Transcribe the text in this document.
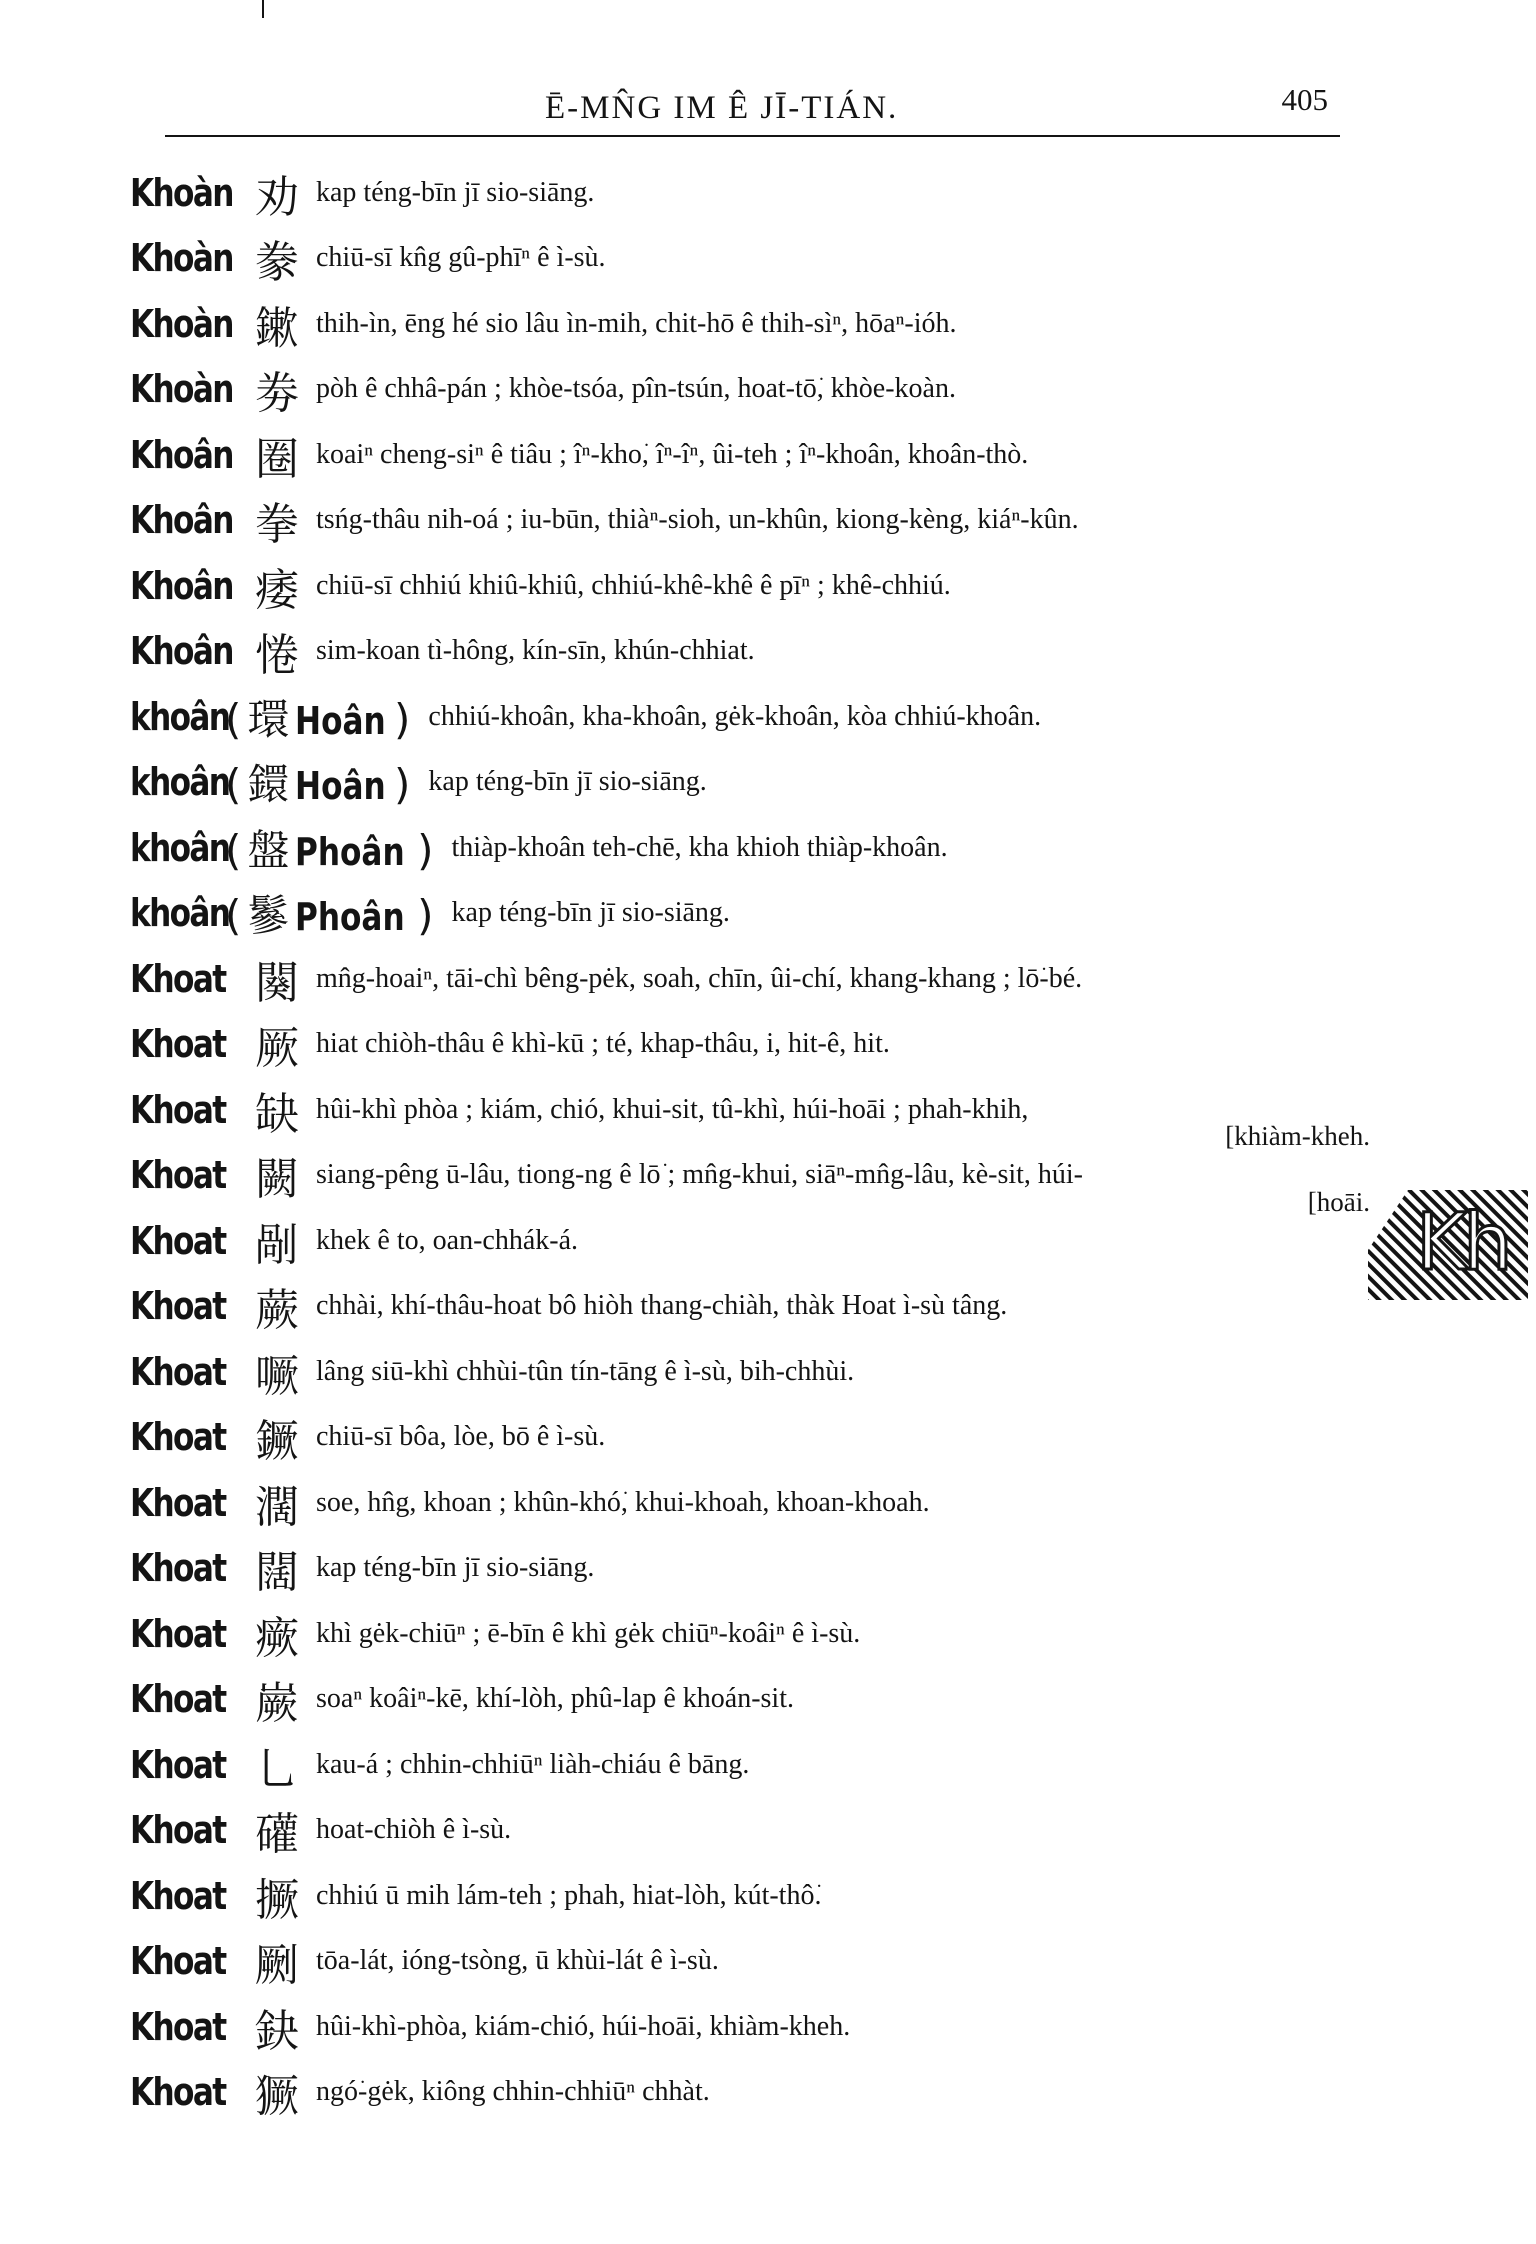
Ē-MN̂G IM Ê JĪ-TIÁN.	405
Khoàn 劝 kap téng-bīn jī sio-siāng.
Khoàn 豢 chiū-sī kn̂g gû-phīⁿ ê ì-sù.
Khoàn 鏉 thih-ìn, ēng hé sio lâu ìn-mih, chit-hō ê thih-sìⁿ, hōaⁿ-ióh.
Khoàn 劵 pòh ê chhâ-pán ; khòe-tsóa, pîn-tsún, hoat-tō͘, khòe-koàn.
Khoân 圈 koaiⁿ cheng-siⁿ ê tiâu ; îⁿ-kho͘, îⁿ-îⁿ, ûi-teh ; îⁿ-khoân, khoân-thò.
Khoân 拳 tsńg-thâu nih-oá ; iu-būn, thiàⁿ-sioh, un-khûn, kiong-kèng, kiáⁿ-kûn.
Khoân 痿 chiū-sī chhiú khiû-khiû, chhiú-khê-khê ê pīⁿ ; khê-chhiú.
Khoân 惓 sim-koan tì-hông, kín-sīn, khún-chhiat.
khoân
( 環 Hoân ) chhiú-khoân, kha-khoân, gėk-khoân, kòa chhiú-khoân.
khoân
( 鐶 Hoân ) kap téng-bīn jī sio-siāng.
khoân
( 盤 Phoân ) thiàp-khoân teh-chē, kha khioh thiàp-khoân.
khoân
( 鬖 Phoân ) kap téng-bīn jī sio-siāng.
Khoat 闋 mn̂g-hoaiⁿ, tāi-chì bêng-pėk, soah, chīn, ûi-chí, khang-khang ; lō͘-bé.
Khoat 厥 hiat chiòh-thâu ê khì-kū ; té, khap-thâu, i, hit-ê, hit.
Khoat 缺 hûi-khì phòa ; kiám, chió, khui-sit, tû-khì, húi-hoāi ; phah-khih,
[khiàm-kheh.
Khoat 闕 siang-pêng ū-lâu, tiong-ng ê lō͘ ; mn̂g-khui, siāⁿ-mn̂g-lâu, kè-sit, húi-
[hoāi.
Khoat 剮 khek ê to, oan-chhák-á.
Khoat 蕨 chhài, khí-thâu-hoat bô hiòh thang-chiàh, thàk Hoat ì-sù tâng.
Khoat 噘 lâng siū-khì chhùi-tûn tín-tāng ê ì-sù, bih-chhùi.
Khoat 鐝 chiū-sī bôa, lòe, bō ê ì-sù.
Khoat 濶 soe, hn̂g, khoan ; khûn-khó͘, khui-khoah, khoan-khoah.
Khoat 闊 kap téng-bīn jī sio-siāng.
Khoat 瘚 khì gėk-chiūⁿ ; ē-bīn ê khì gėk chiūⁿ-koâiⁿ ê ì-sù.
Khoat 嶡 soaⁿ koâiⁿ-kē, khí-lòh, phû-lap ê khoán-sit.
Khoat 乚 kau-á ; chhin-chhiūⁿ liàh-chiáu ê bāng.
Khoat 礶 hoat-chiòh ê ì-sù.
Khoat 撅 chhiú ū mih lám-teh ; phah, hiat-lòh, kút-thô͘.
Khoat 劂 tōa-lát, ióng-tsòng, ū khùi-lát ê ì-sù.
Khoat 鈌 hûi-khì-phòa, kiám-chió, húi-hoāi, khiàm-kheh.
Khoat 獗 ngó͘-gėk, kiông chhin-chhiūⁿ chhàt.
Kh
